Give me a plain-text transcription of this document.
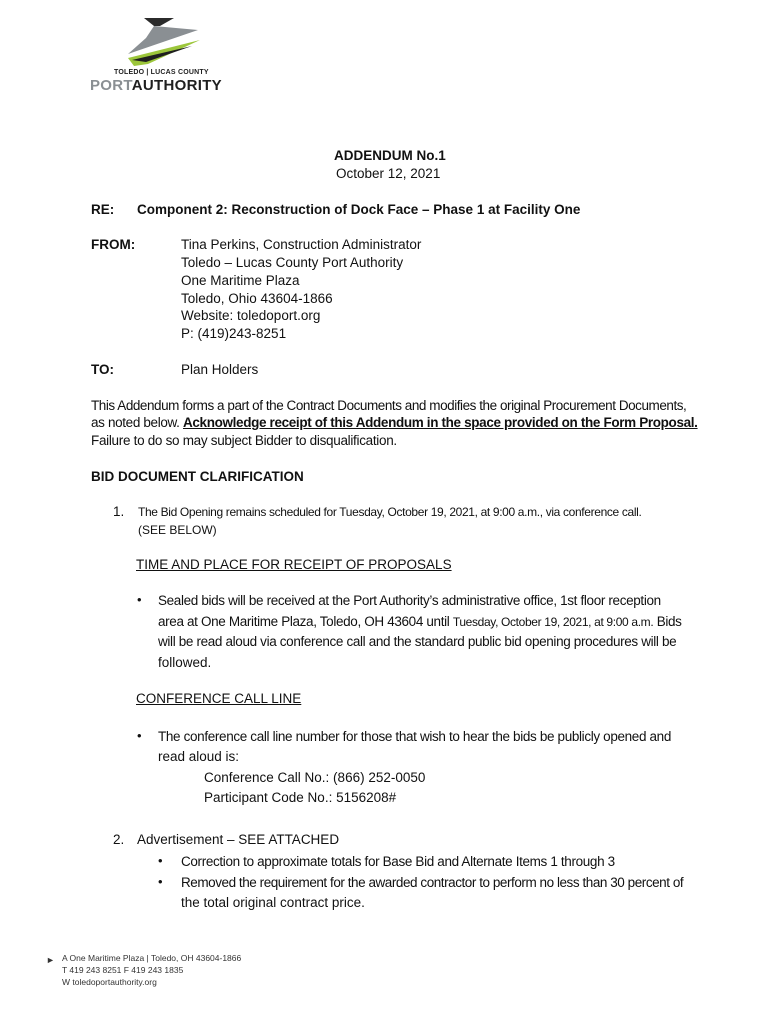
TOLEDO | LUCAS COUNTY
PORTAUTHORITY
ADDENDUM No.1
October 12, 2021
RE: Component 2: Reconstruction of Dock Face – Phase 1 at Facility One
FROM:	Tina Perkins, Construction Administrator
Toledo – Lucas County Port Authority
One Maritime Plaza
Toledo, Ohio 43604-1866
Website: toledoport.org
P: (419)243-8251
TO:	Plan Holders
This Addendum forms a part of the Contract Documents and modifies the original Procurement Documents,
as noted below. Acknowledge receipt of this Addendum in the space provided on the Form Proposal.
Failure to do so may subject Bidder to disqualification.
BID DOCUMENT CLARIFICATION
1. The Bid Opening remains scheduled for Tuesday, October 19, 2021, at 9:00 a.m., via conference call.
(SEE BELOW)
TIME AND PLACE FOR RECEIPT OF PROPOSALS
• Sealed bids will be received at the Port Authority’s administrative office, 1st floor reception
area at One Maritime Plaza, Toledo, OH 43604 until Tuesday, October 19, 2021, at 9:00 a.m. Bids
will be read aloud via conference call and the standard public bid opening procedures will be
followed.
CONFERENCE CALL LINE
• The conference call line number for those that wish to hear the bids be publicly opened and
read aloud is:
Conference Call No.: (866) 252-0050
Participant Code No.: 5156208#
2. Advertisement – SEE ATTACHED
• Correction to approximate totals for Base Bid and Alternate Items 1 through 3
• Removed the requirement for the awarded contractor to perform no less than 30 percent of
the total original contract price.
► A One Maritime Plaza | Toledo, OH 43604-1866
T 419 243 8251 F 419 243 1835
W toledoportauthority.org
